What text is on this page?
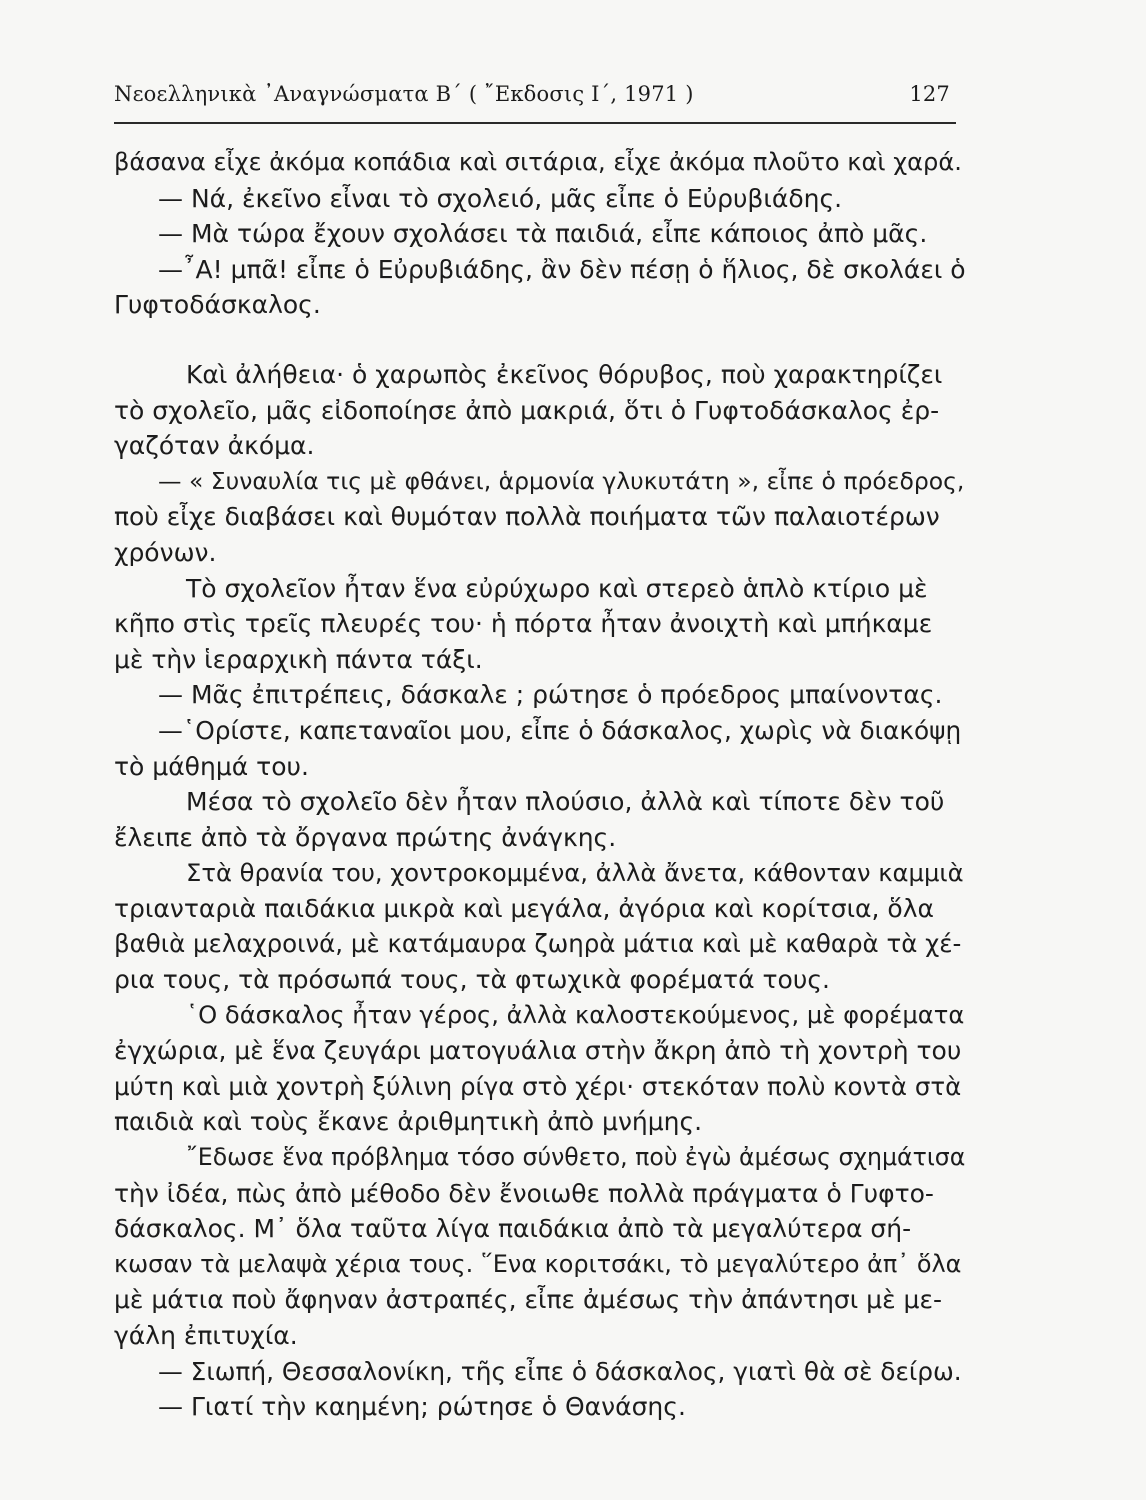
Νεοελληνικὰ ᾿Αναγνώσματα Β΄ ( ῎Εκδοσις Ι΄, 1971 )	127
βάσανα εἶχε ἀκόμα κοπάδια καὶ σιτάρια, εἶχε ἀκόμα πλοῦτο καὶ χαρά.
— Νά, ἐκεῖνο εἶναι τὸ σχολειό, μᾶς εἶπε ὁ Εὐρυβιάδης.
— Μὰ τώρα ἔχουν σχολάσει τὰ παιδιά, εἶπε κάποιος ἀπὸ μᾶς.
—῏Α! μπᾶ! εἶπε ὁ Εὐρυβιάδης, ἂν δὲν πέσῃ ὁ ἥλιος, δὲ σκολάει ὁ
Γυφτοδάσκαλος.
Καὶ ἀλήθεια· ὁ χαρωπὸς ἐκεῖνος θόρυβος, ποὺ χαρακτηρίζει
τὸ σχολεῖο, μᾶς εἰδοποίησε ἀπὸ μακριά, ὅτι ὁ Γυφτοδάσκαλος ἐρ-
γαζόταν ἀκόμα.
— « Συναυλία τις μὲ φθάνει, ἁρμονία γλυκυτάτη », εἶπε ὁ πρόεδρος,
ποὺ εἶχε διαβάσει καὶ θυμόταν πολλὰ ποιήματα τῶν παλαιοτέρων
χρόνων.
Τὸ σχολεῖον ἦταν ἕνα εὐρύχωρο καὶ στερεὸ ἁπλὸ κτίριο μὲ
κῆπο στὶς τρεῖς πλευρές του· ἡ πόρτα ἦταν ἀνοιχτὴ καὶ μπήκαμε
μὲ τὴν ἱεραρχικὴ πάντα τάξι.
— Μᾶς ἐπιτρέπεις, δάσκαλε ; ρώτησε ὁ πρόεδρος μπαίνοντας.
—῾Ορίστε, καπεταναῖοι μου, εἶπε ὁ δάσκαλος, χωρὶς νὰ διακόψῃ
τὸ μάθημά του.
Μέσα τὸ σχολεῖο δὲν ἦταν πλούσιο, ἀλλὰ καὶ τίποτε δὲν τοῦ
ἔλειπε ἀπὸ τὰ ὄργανα πρώτης ἀνάγκης.
Στὰ θρανία του, χοντροκομμένα, ἀλλὰ ἄνετα, κάθονταν καμμιὰ
τριανταριὰ παιδάκια μικρὰ καὶ μεγάλα, ἀγόρια καὶ κορίτσια, ὅλα
βαθιὰ μελαχροινά, μὲ κατάμαυρα ζωηρὰ μάτια καὶ μὲ καθαρὰ τὰ χέ-
ρια τους, τὰ πρόσωπά τους, τὰ φτωχικὰ φορέματά τους.
῾Ο δάσκαλος ἦταν γέρος, ἀλλὰ καλοστεκούμενος, μὲ φορέματα
ἐγχώρια, μὲ ἕνα ζευγάρι ματογυάλια στὴν ἄκρη ἀπὸ τὴ χοντρὴ του
μύτη καὶ μιὰ χοντρὴ ξύλινη ρίγα στὸ χέρι· στεκόταν πολὺ κοντὰ στὰ
παιδιὰ καὶ τοὺς ἔκανε ἀριθμητικὴ ἀπὸ μνήμης.
῎Εδωσε ἕνα πρόβλημα τόσο σύνθετο, ποὺ ἐγὼ ἀμέσως σχημάτισα
τὴν ἰδέα, πὼς ἀπὸ μέθοδο δὲν ἔνοιωθε πολλὰ πράγματα ὁ Γυφτο-
δάσκαλος. Μ᾿ ὅλα ταῦτα λίγα παιδάκια ἀπὸ τὰ μεγαλύτερα σή-
κωσαν τὰ μελαψὰ χέρια τους. ῞Ενα κοριτσάκι, τὸ μεγαλύτερο ἀπ᾿ ὅλα
μὲ μάτια ποὺ ἄφηναν ἀστραπές, εἶπε ἀμέσως τὴν ἀπάντησι μὲ με-
γάλη ἐπιτυχία.
— Σιωπή, Θεσσαλονίκη, τῆς εἶπε ὁ δάσκαλος, γιατὶ θὰ σὲ δείρω.
— Γιατί τὴν καημένη; ρώτησε ὁ Θανάσης.
